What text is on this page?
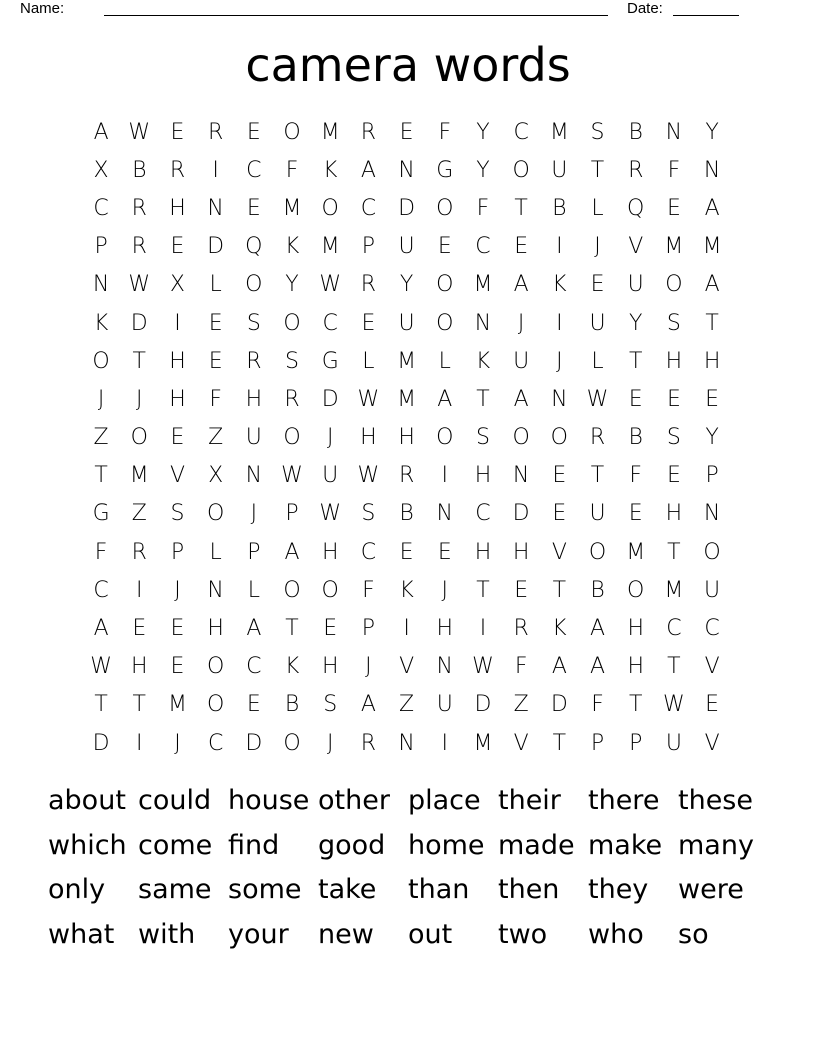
Name:	Date:
camera words
A W E	R	E	O M R	E	F	Y	C M S	B	N	Y
X	B	R	I	C	F	K	A	N G	Y	O U	T	R	F	N
C	R	H N	E M O C	D O	F	T	B	L	Q	E	A
P	R	E	D Q	K M	P	U	E	C	E	I	J	V M M
N W X	L	O	Y W R	Y	O M A	K	E	U O	A
K	D	I	E	S	O C	E	U O N	J	I	U	Y	S	T
O	T	H	E	R	S	G	L	M	L	K	U	J	L	T	H H
J	J	H	F	H	R	D W M A	T	A	N W E	E	E
Z O	E	Z	U O	J	H H O	S	O O R	B	S	Y
T M V	X	N W U W R	I	H N	E	T	F	E	P
G	Z	S	O	J	P W S	B	N	C	D	E	U	E	H N
F	R	P	L	P	A	H	C	E	E	H H	V O M T	O
C	I	J	N	L	O O	F	K	J	T	E	T	B	O M U
A	E	E	H	A	T	E	P	I	H	I	R	K	A	H	C	C
W H	E	O C	K	H	J	V	N W F	A	A	H	T	V
T	T M O	E	B	S	A	Z	U D	Z	D	F	T W E
D	I	J	C	D O	J	R	N	I	M V	T	P	P	U	V
about could house other place their	there these
which come find	good home made make many
only	same some take	than	then	they	were
what with	your	new	out	two	who	so
